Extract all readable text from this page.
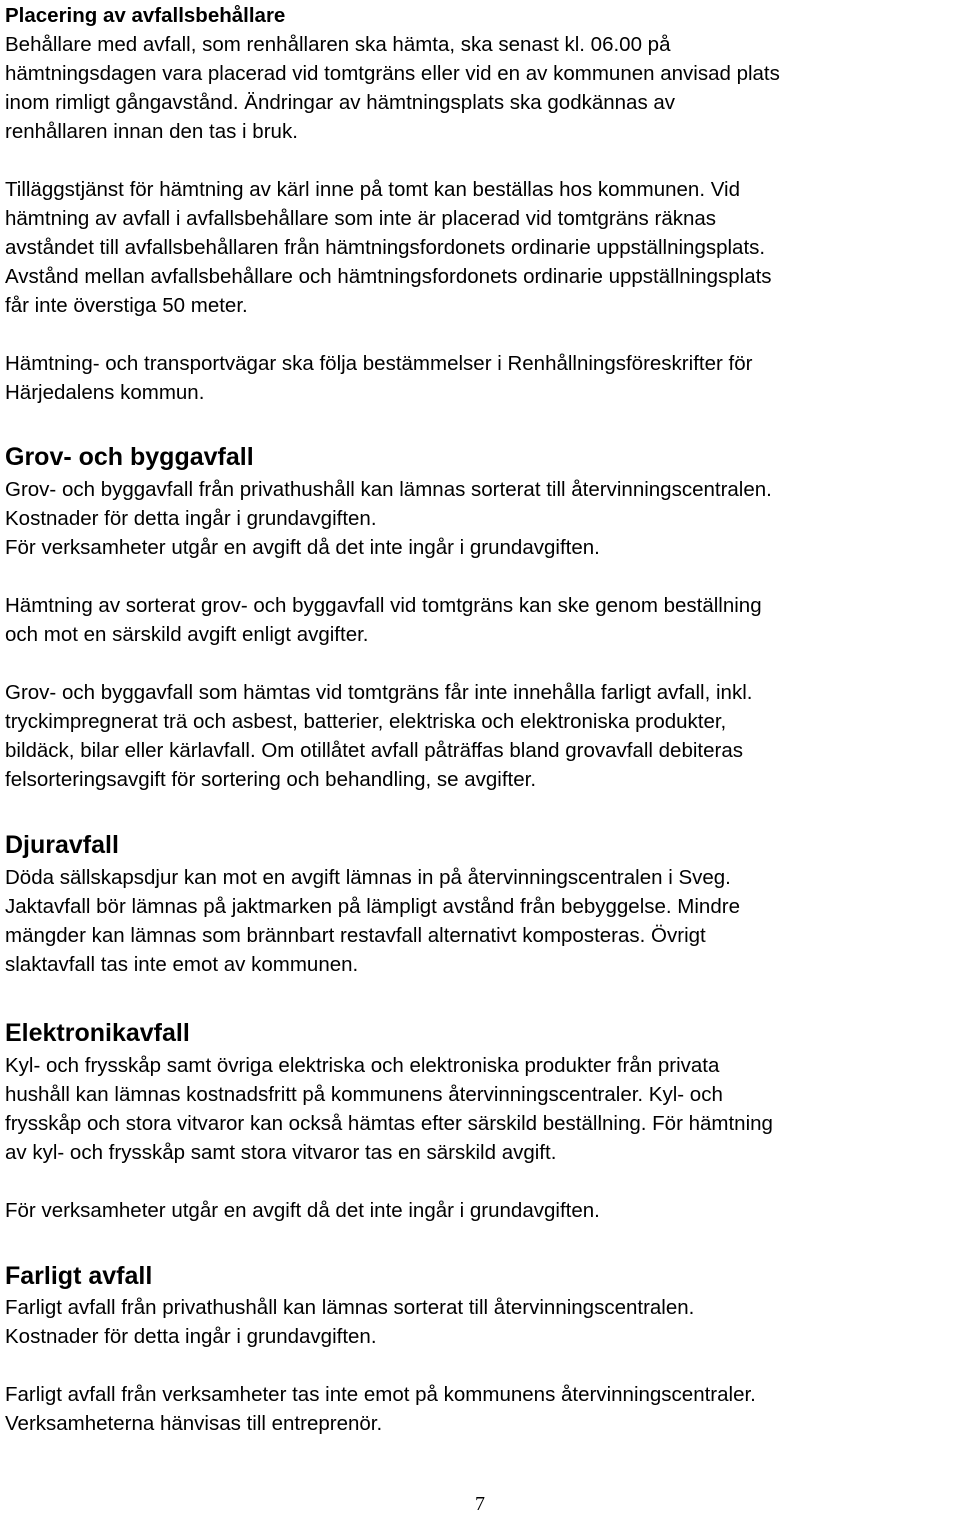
Placering av avfallsbehållare
Behållare med avfall, som renhållaren ska hämta, ska senast kl. 06.00 på
hämtningsdagen vara placerad vid tomtgräns eller vid en av kommunen anvisad plats
inom rimligt gångavstånd. Ändringar av hämtningsplats ska godkännas av
renhållaren innan den tas i bruk.
Tilläggstjänst för hämtning av kärl inne på tomt kan beställas hos kommunen. Vid
hämtning av avfall i avfallsbehållare som inte är placerad vid tomtgräns räknas
avståndet till avfallsbehållaren från hämtningsfordonets ordinarie uppställningsplats.
Avstånd mellan avfallsbehållare och hämtningsfordonets ordinarie uppställningsplats
får inte överstiga 50 meter.
Hämtning- och transportvägar ska följa bestämmelser i Renhållningsföreskrifter för
Härjedalens kommun.
Grov- och byggavfall
Grov- och byggavfall från privathushåll kan lämnas sorterat till återvinningscentralen.
Kostnader för detta ingår i grundavgiften.
För verksamheter utgår en avgift då det inte ingår i grundavgiften.
Hämtning av sorterat grov- och byggavfall vid tomtgräns kan ske genom beställning
och mot en särskild avgift enligt avgifter.
Grov- och byggavfall som hämtas vid tomtgräns får inte innehålla farligt avfall, inkl.
tryckimpregnerat trä och asbest, batterier, elektriska och elektroniska produkter,
bildäck, bilar eller kärlavfall. Om otillåtet avfall påträffas bland grovavfall debiteras
felsorteringsavgift för sortering och behandling, se avgifter.
Djuravfall
Döda sällskapsdjur kan mot en avgift lämnas in på återvinningscentralen i Sveg.
Jaktavfall bör lämnas på jaktmarken på lämpligt avstånd från bebyggelse. Mindre
mängder kan lämnas som brännbart restavfall alternativt komposteras. Övrigt
slaktavfall tas inte emot av kommunen.
Elektronikavfall
Kyl- och frysskåp samt övriga elektriska och elektroniska produkter från privata
hushåll kan lämnas kostnadsfritt på kommunens återvinningscentraler. Kyl- och
frysskåp och stora vitvaror kan också hämtas efter särskild beställning. För hämtning
av kyl- och frysskåp samt stora vitvaror tas en särskild avgift.
För verksamheter utgår en avgift då det inte ingår i grundavgiften.
Farligt avfall
Farligt avfall från privathushåll kan lämnas sorterat till återvinningscentralen.
Kostnader för detta ingår i grundavgiften.
Farligt avfall från verksamheter tas inte emot på kommunens återvinningscentraler.
Verksamheterna hänvisas till entreprenör.
7
